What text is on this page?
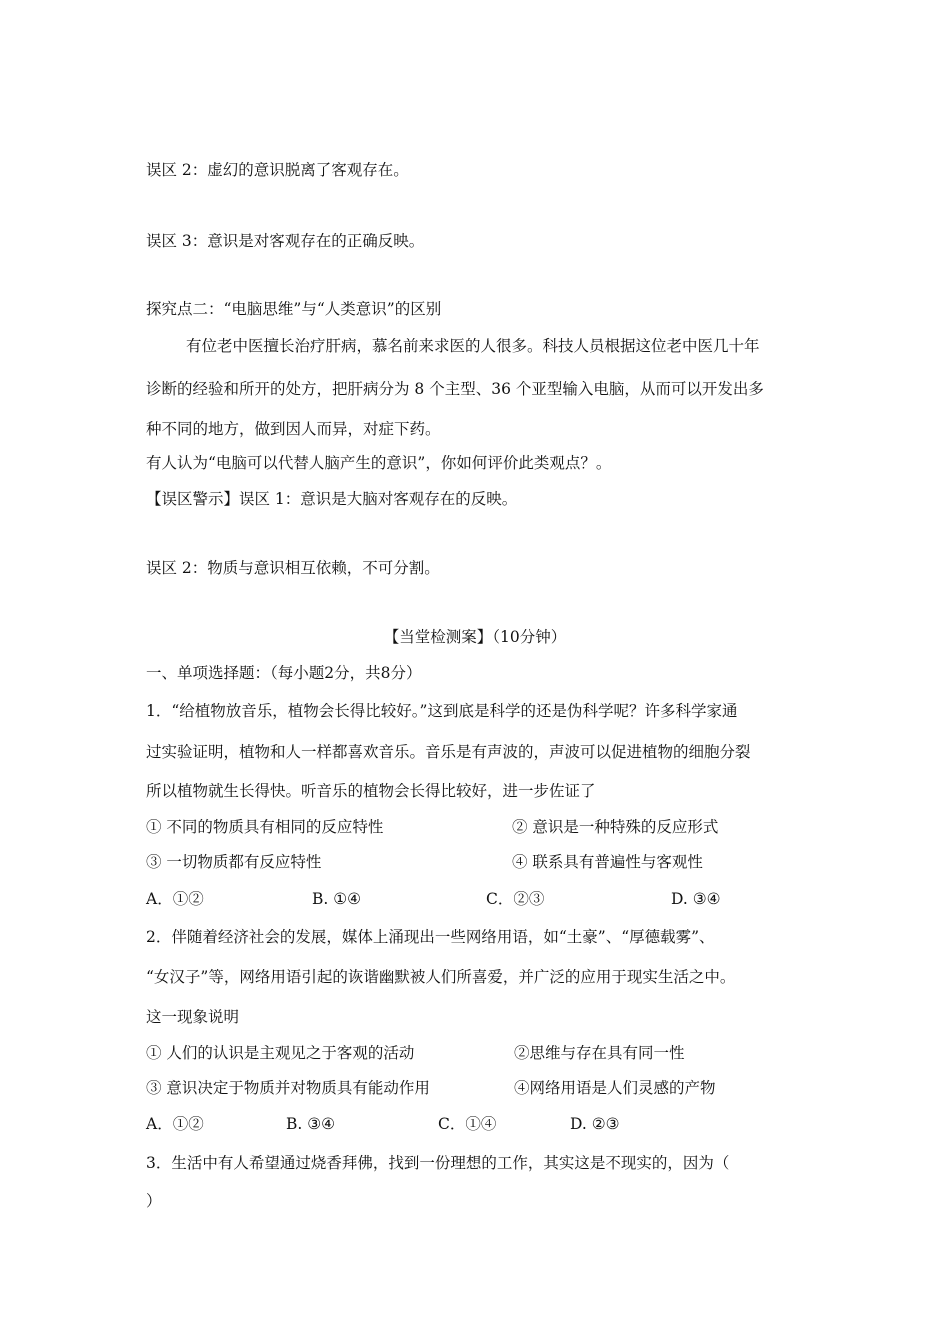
误区 2：虚幻的意识脱离了客观存在。
误区 3：意识是对客观存在的正确反映。
探究点二：“电脑思维”与“人类意识”的区别
有位老中医擅长治疗肝病，慕名前来求医的人很多。科技人员根据这位老中医几十年
诊断的经验和所开的处方，把肝病分为 8 个主型、36 个亚型输入电脑，从而可以开发出多
种不同的地方，做到因人而异，对症下药。
有人认为“电脑可以代替人脑产生的意识”，你如何评价此类观点？。
【误区警示】误区 1：意识是大脑对客观存在的反映。
误区 2：物质与意识相互依赖，不可分割。
【当堂检测案】（10分钟）
一、单项选择题：（每小题2分，共8分）
1．“给植物放音乐，植物会长得比较好。”这到底是科学的还是伪科学呢？许多科学家通
过实验证明，植物和人一样都喜欢音乐。音乐是有声波的，声波可以促进植物的细胞分裂
所以植物就生长得快。听音乐的植物会长得比较好，进一步佐证了
① 不同的物质具有相同的反应特性	② 意识是一种特殊的反应形式
③ 一切物质都有反应特性	④ 联系具有普遍性与客观性
A．①②	B. ①④	C．②③	D. ③④
2．伴随着经济社会的发展，媒体上涌现出一些网络用语，如“土豪”、“厚德载雾”、
“女汉子”等，网络用语引起的诙谐幽默被人们所喜爱，并广泛的应用于现实生活之中。
这一现象说明
① 人们的认识是主观见之于客观的活动	②思维与存在具有同一性
③ 意识决定于物质并对物质具有能动作用	④网络用语是人们灵感的产物
A．①②	B. ③④	C．①④	D. ②③
3．生活中有人希望通过烧香拜佛，找到一份理想的工作，其实这是不现实的，因为（
）
